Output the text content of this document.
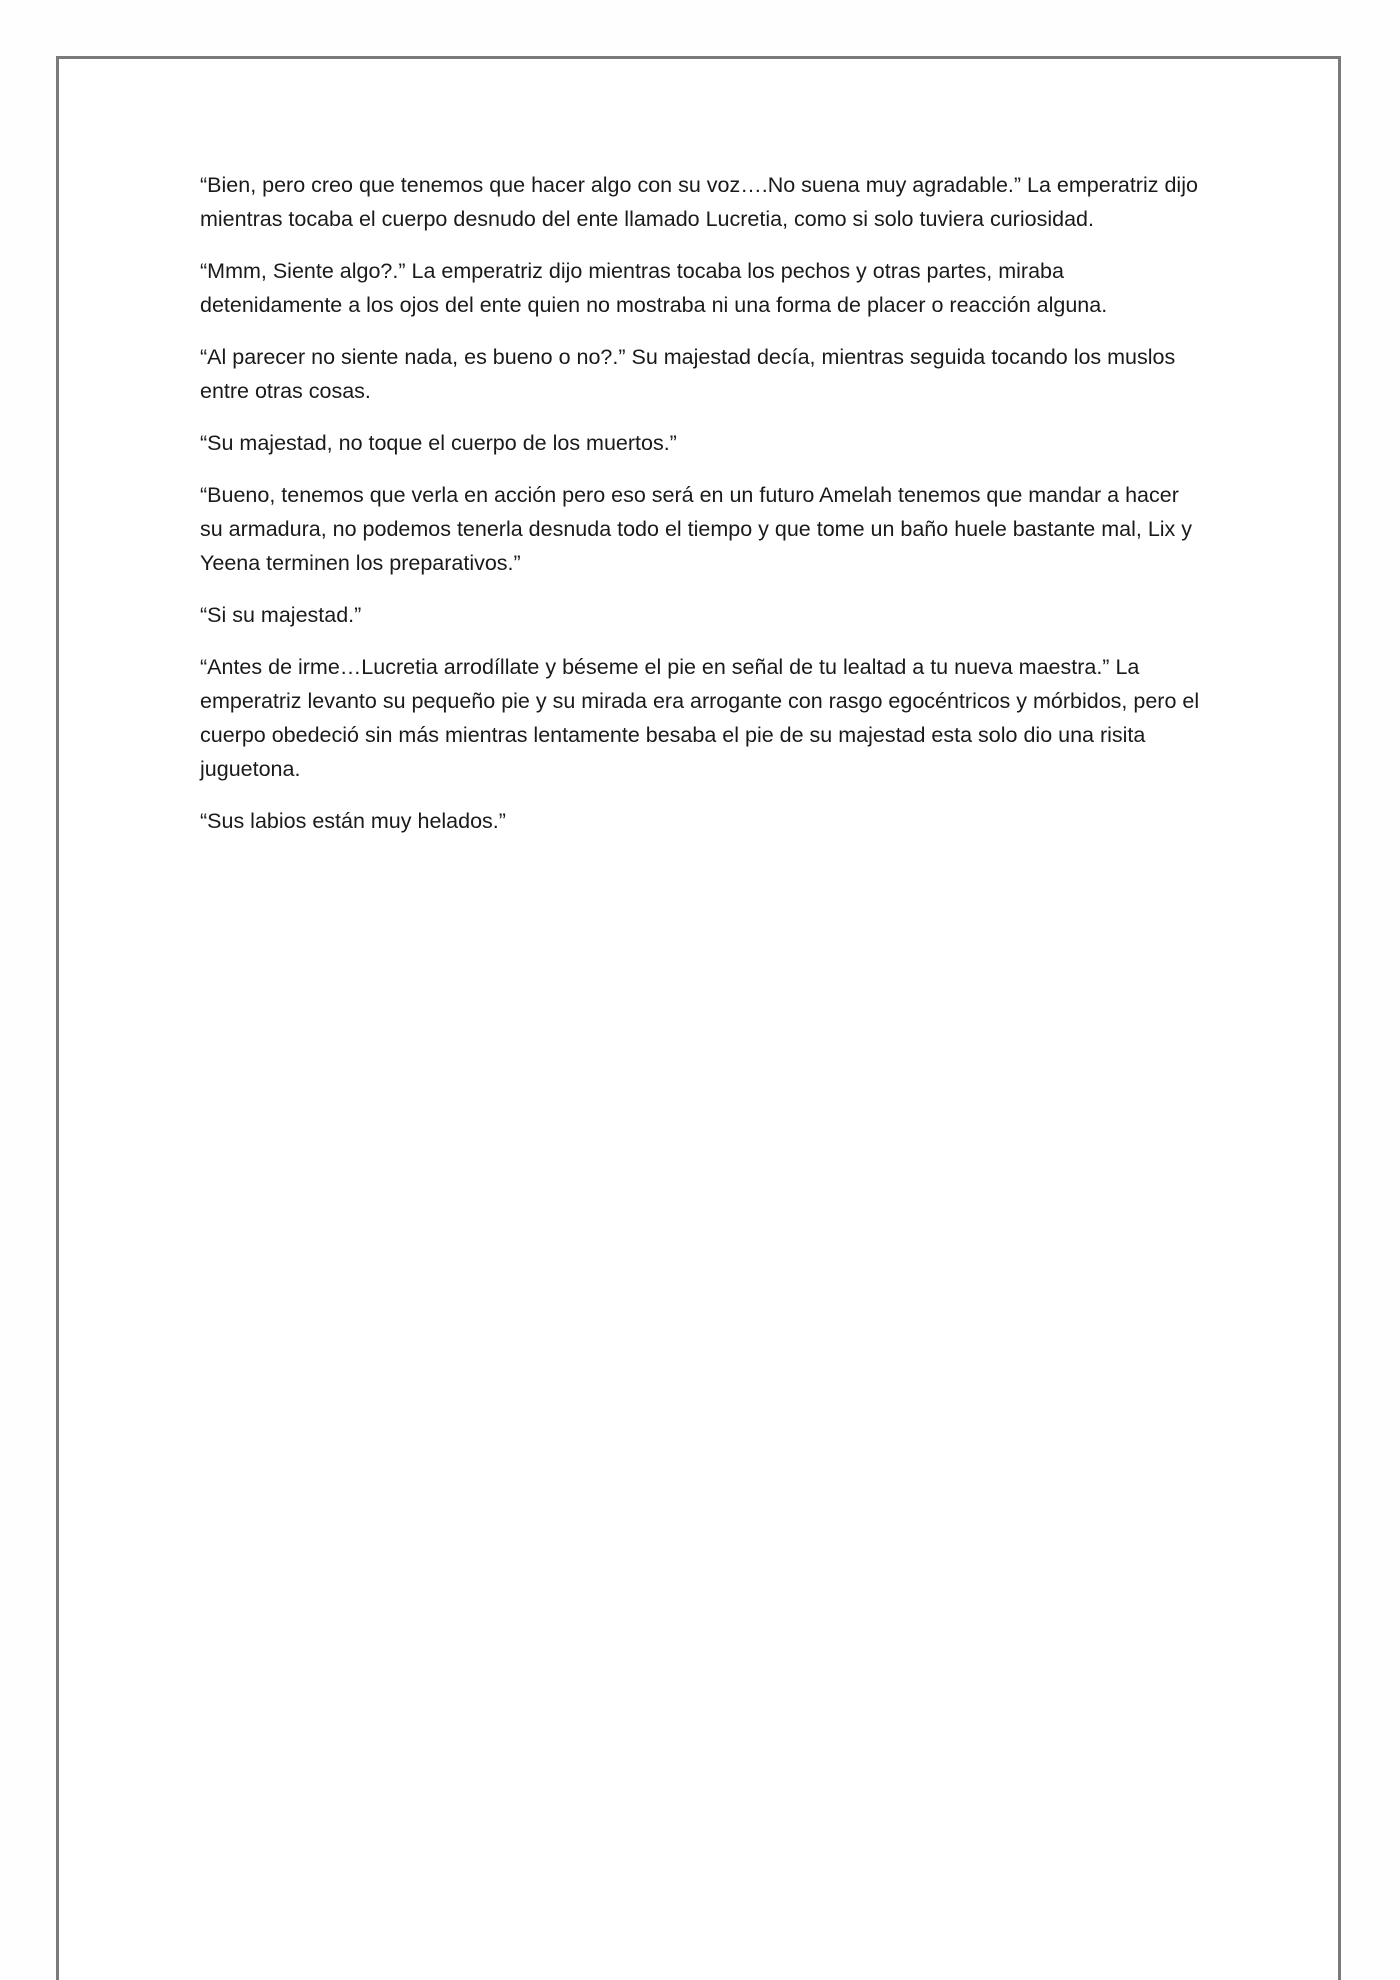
“Bien, pero creo que tenemos que hacer algo con su voz….No suena muy agradable.” La emperatriz dijo mientras tocaba el cuerpo desnudo del ente llamado Lucretia, como si solo tuviera curiosidad.

“Mmm, Siente algo?.” La emperatriz dijo mientras tocaba los pechos y otras partes, miraba detenidamente a los ojos del ente quien no mostraba ni una forma de placer o reacción alguna.

“Al parecer no siente nada, es bueno o no?.” Su majestad decía, mientras seguida tocando los muslos entre otras cosas.

“Su majestad, no toque el cuerpo de los muertos.”

“Bueno, tenemos que verla en acción pero eso será en un futuro Amelah tenemos que mandar a hacer su armadura, no podemos tenerla desnuda todo el tiempo y que tome un baño huele bastante mal, Lix y Yeena terminen los preparativos.”

“Si su majestad.”

“Antes de irme…Lucretia arrodíllate y béseme el pie en señal de tu lealtad a tu nueva maestra.” La emperatriz levanto su pequeño pie y su mirada era arrogante con rasgo egocéntricos y mórbidos, pero el cuerpo obedeció sin más mientras lentamente besaba el pie de su majestad esta solo dio una risita juguetona.

“Sus labios están muy helados.”
